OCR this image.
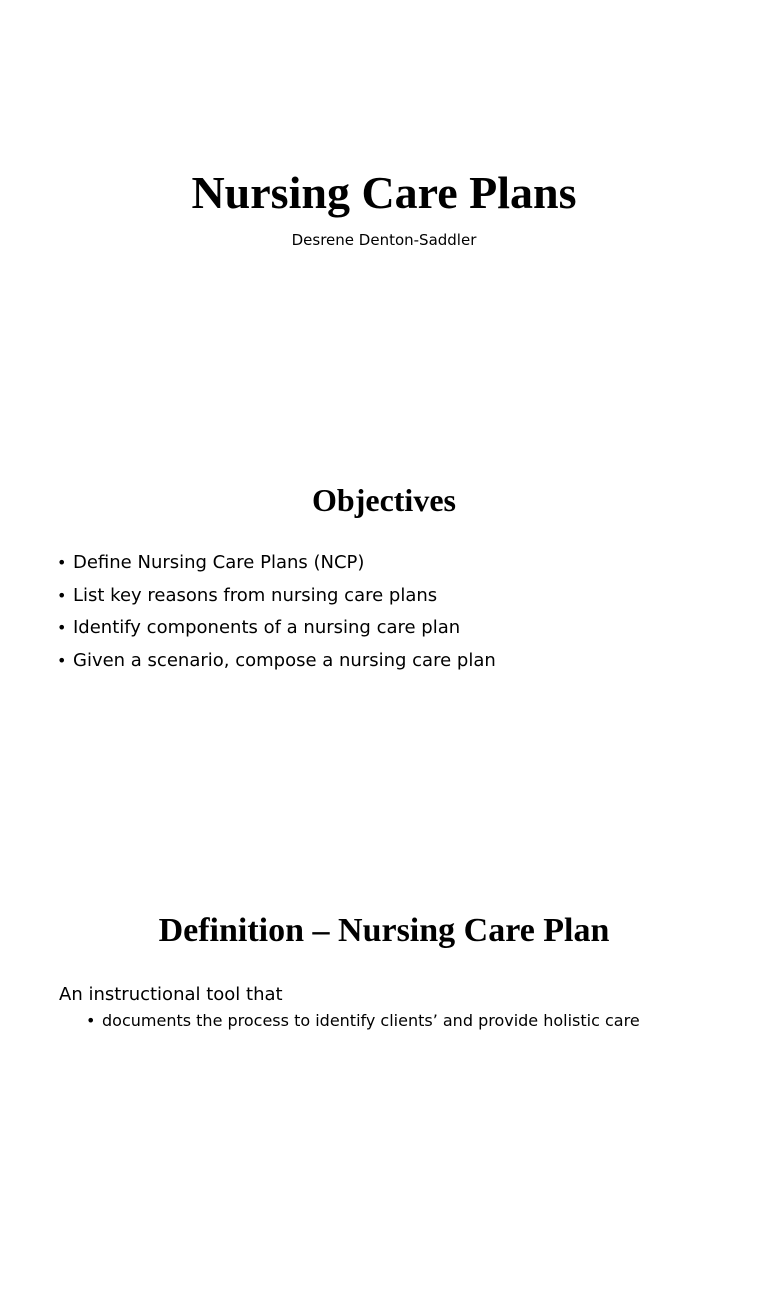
Nursing Care Plans
Desrene Denton-Saddler
Objectives
• Define Nursing Care Plans (NCP)
• List key reasons from nursing care plans
• Identify components of a nursing care plan
• Given a scenario, compose a nursing care plan
Definition – Nursing Care Plan
An instructional tool that
• documents the process to identify clients’ and provide holistic care
